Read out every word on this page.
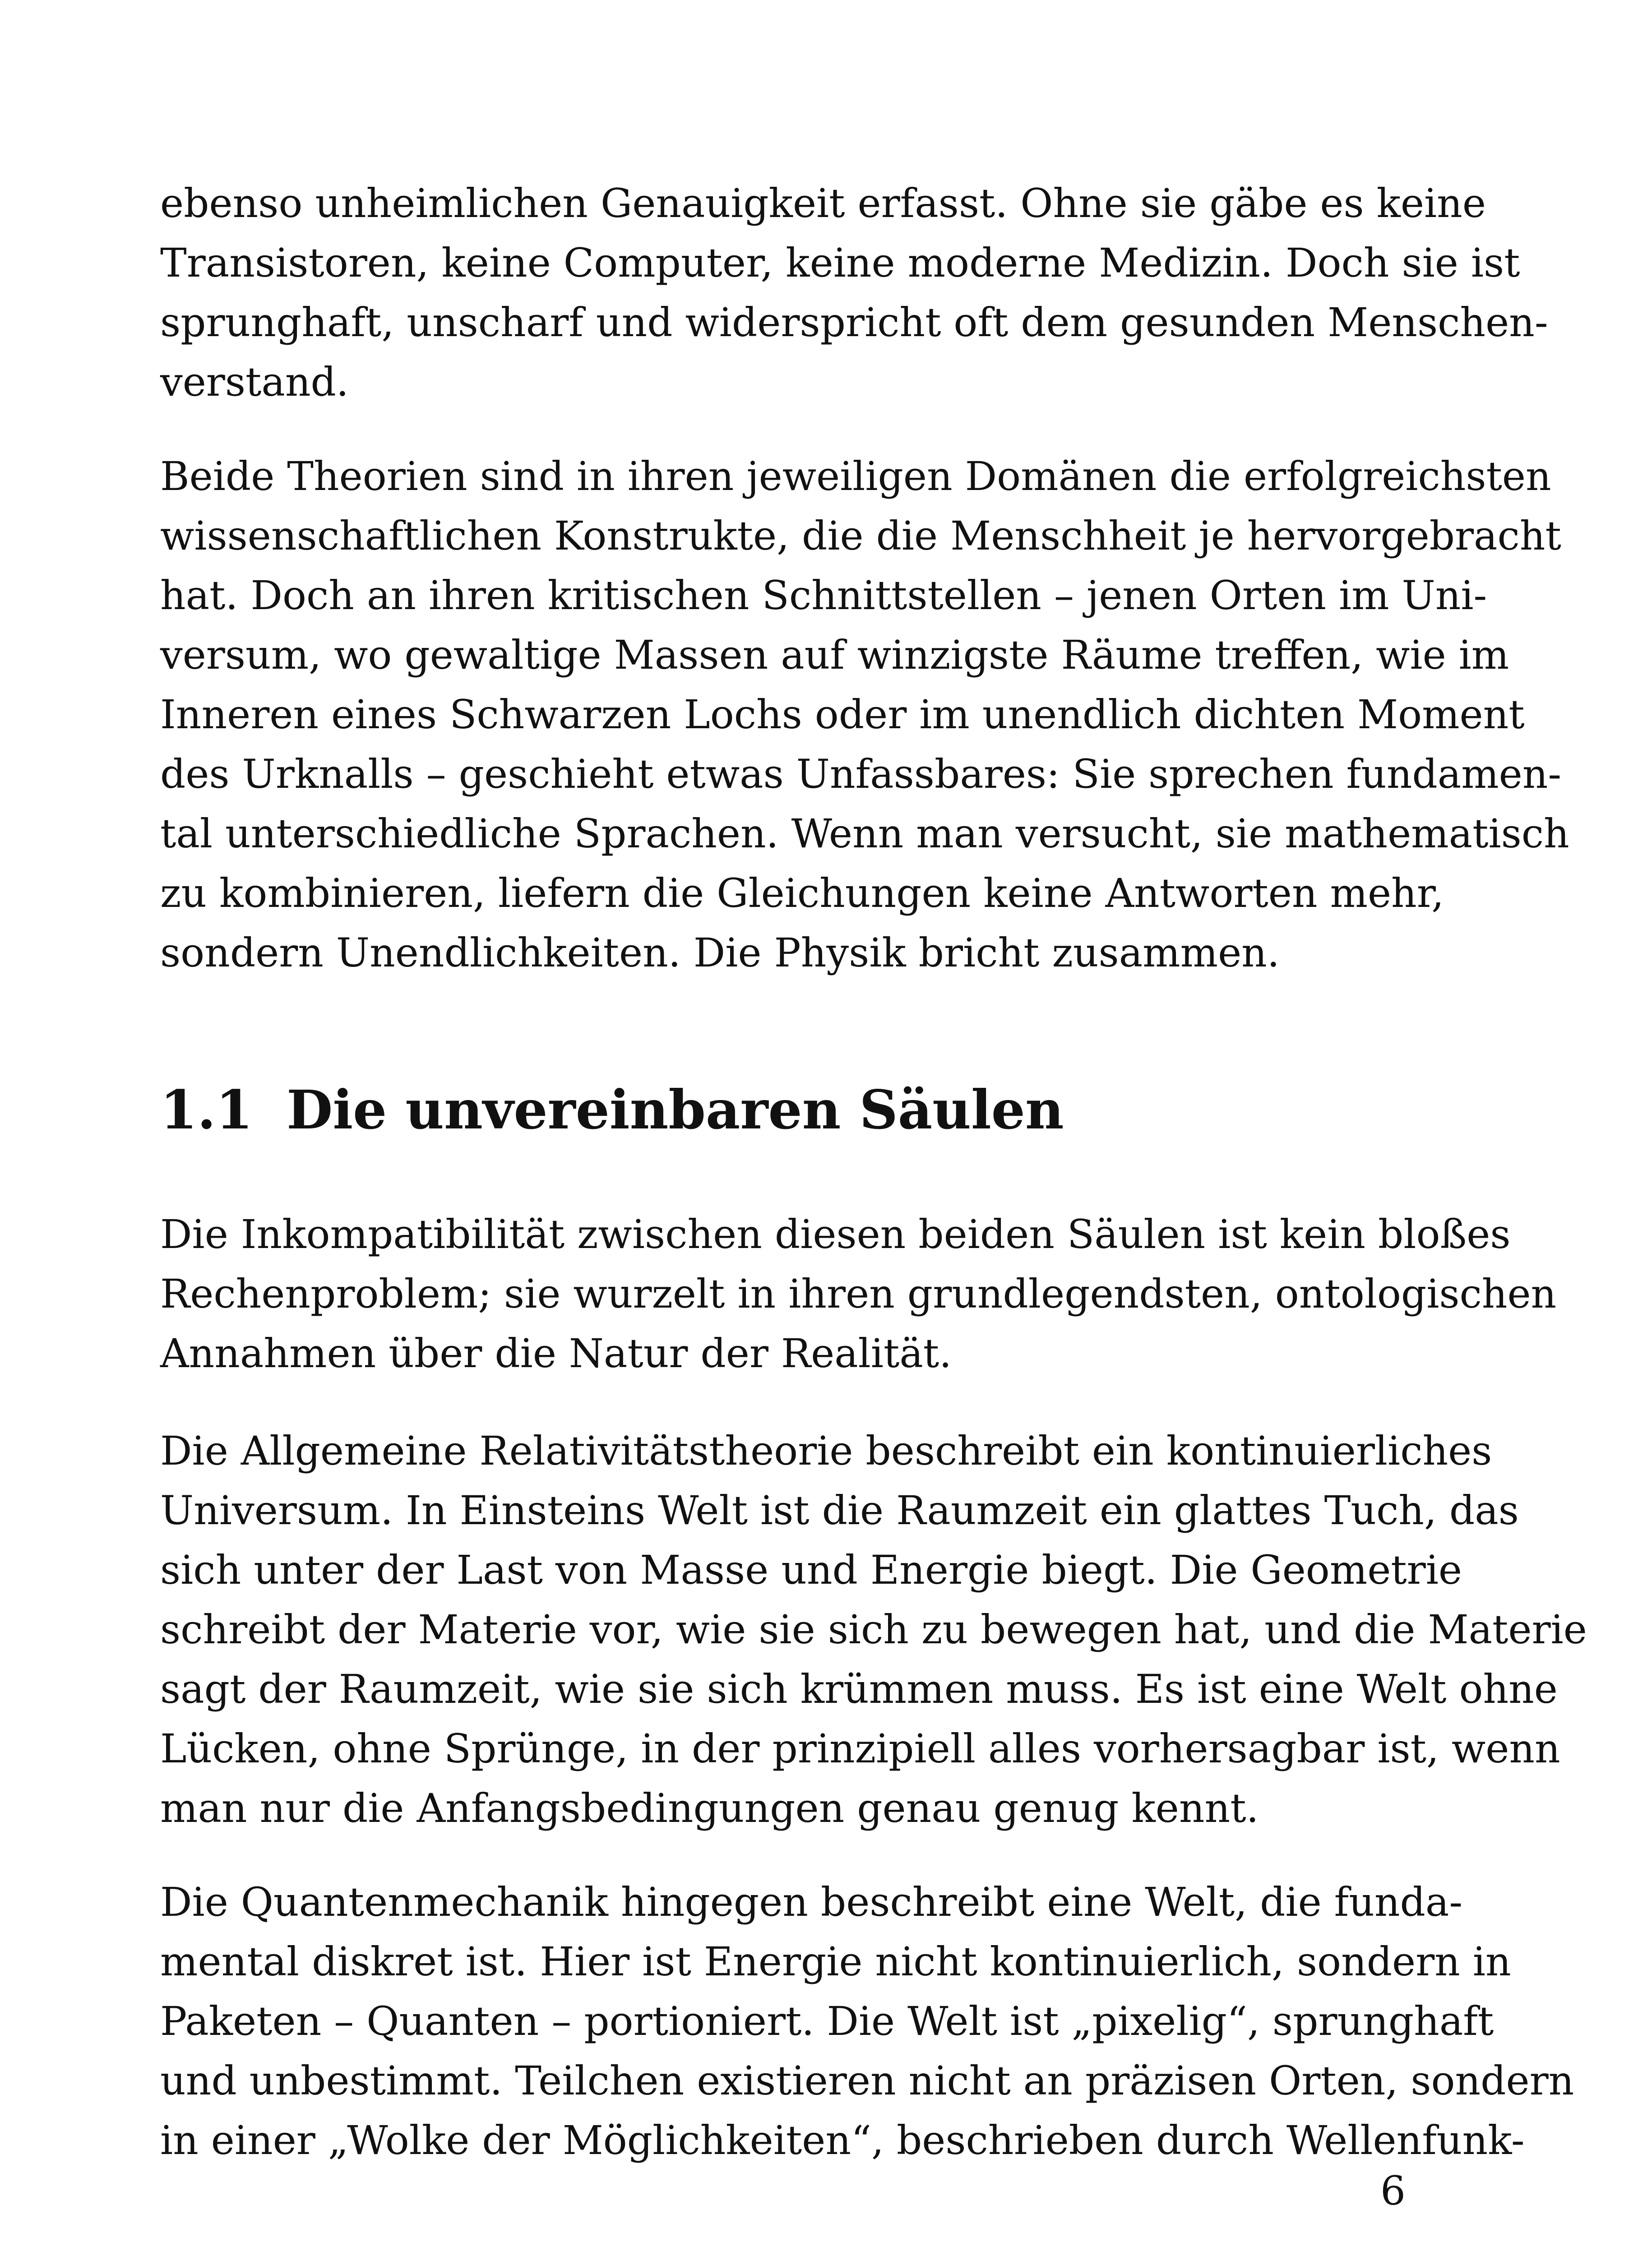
ebenso unheimlichen Genauigkeit erfasst. Ohne sie gäbe es keine
Transistoren, keine Computer, keine moderne Medizin. Doch sie ist
sprunghaft, unscharf und widerspricht oft dem gesunden Menschen-
verstand.

Beide Theorien sind in ihren jeweiligen Domänen die erfolgreichsten
wissenschaftlichen Konstrukte, die die Menschheit je hervorgebracht
hat. Doch an ihren kritischen Schnittstellen – jenen Orten im Uni-
versum, wo gewaltige Massen auf winzigste Räume treffen, wie im
Inneren eines Schwarzen Lochs oder im unendlich dichten Moment
des Urknalls – geschieht etwas Unfassbares: Sie sprechen fundamen-
tal unterschiedliche Sprachen. Wenn man versucht, sie mathematisch
zu kombinieren, liefern die Gleichungen keine Antworten mehr,
sondern Unendlichkeiten. Die Physik bricht zusammen.

1.1 Die unvereinbaren Säulen

Die Inkompatibilität zwischen diesen beiden Säulen ist kein bloßes
Rechenproblem; sie wurzelt in ihren grundlegendsten, ontologischen
Annahmen über die Natur der Realität.

Die Allgemeine Relativitätstheorie beschreibt ein kontinuierliches
Universum. In Einsteins Welt ist die Raumzeit ein glattes Tuch, das
sich unter der Last von Masse und Energie biegt. Die Geometrie
schreibt der Materie vor, wie sie sich zu bewegen hat, und die Materie
sagt der Raumzeit, wie sie sich krümmen muss. Es ist eine Welt ohne
Lücken, ohne Sprünge, in der prinzipiell alles vorhersagbar ist, wenn
man nur die Anfangsbedingungen genau genug kennt.

Die Quantenmechanik hingegen beschreibt eine Welt, die funda-
mental diskret ist. Hier ist Energie nicht kontinuierlich, sondern in
Paketen – Quanten – portioniert. Die Welt ist „pixelig“, sprunghaft
und unbestimmt. Teilchen existieren nicht an präzisen Orten, sondern
in einer „Wolke der Möglichkeiten“, beschrieben durch Wellenfunk-

6
